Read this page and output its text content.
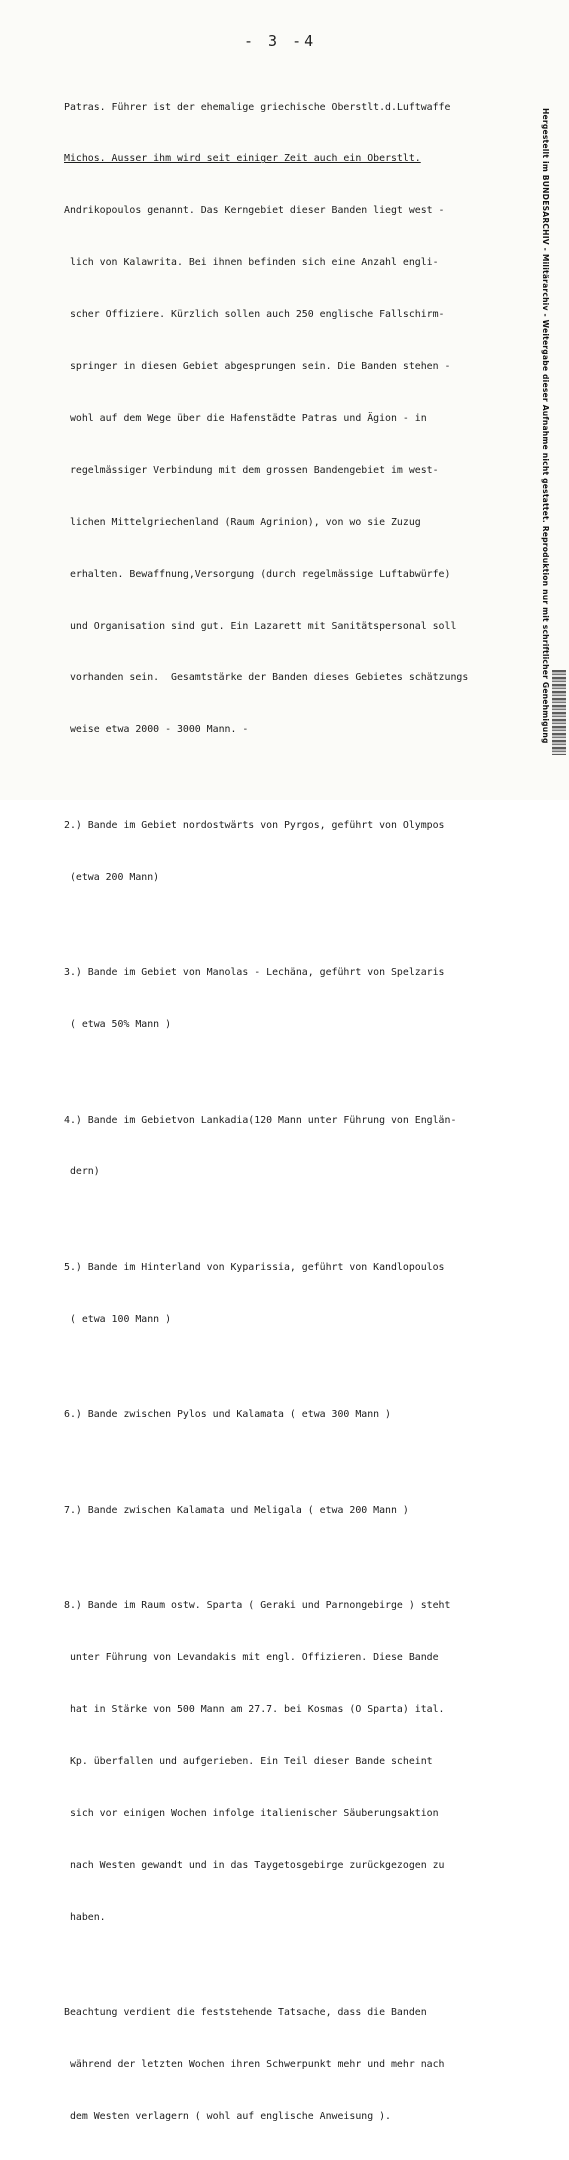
- 3 -4

Patras. Führer ist der ehemalige griechische Oberstlt.d.Luftwaffe

Michos. Ausser ihm wird seit einiger Zeit auch ein Oberstlt.

Andrikopoulos genannt. Das Kerngebiet dieser Banden liegt west -

lich von Kalawrita. Bei ihnen befinden sich eine Anzahl engli-

scher Offiziere. Kürzlich sollen auch 250 englische Fallschirm-

springer in diesen Gebiet abgesprungen sein. Die Banden stehen -

wohl auf dem Wege über die Hafenstädte Patras und Ägion - in

regelmässiger Verbindung mit dem grossen Bandengebiet im west-

lichen Mittelgriechenland (Raum Agrinion), von wo sie Zuzug

erhalten. Bewaffnung,Versorgung (durch regelmässige Luftabwürfe)

und Organisation sind gut. Ein Lazarett mit Sanitätspersonal soll

vorhanden sein.  Gesamtstärke der Banden dieses Gebietes schätzungs

weise etwa 2000 - 3000 Mann. -

2.) Bande im Gebiet nordostwärts von Pyrgos, geführt von Olympos

(etwa 200 Mann)

3.) Bande im Gebiet von Manolas - Lechäna, geführt von Spelzaris

( etwa 50% Mann )

4.) Bande im Gebietvon Lankadia(120 Mann unter Führung von Englän-

dern)

5.) Bande im Hinterland von Kyparissia, geführt von Kandlopoulos

( etwa 100 Mann )

6.) Bande zwischen Pylos und Kalamata ( etwa 300 Mann )

7.) Bande zwischen Kalamata und Meligala ( etwa 200 Mann )

8.) Bande im Raum ostw. Sparta ( Geraki und Parnongebirge ) steht

unter Führung von Levandakis mit engl. Offizieren. Diese Bande

hat in Stärke von 500 Mann am 27.7. bei Kosmas (O Sparta) ital.

Kp. überfallen und aufgerieben. Ein Teil dieser Bande scheint

sich vor einigen Wochen infolge italienischer Säuberungsaktion

nach Westen gewandt und in das Taygetosgebirge zurückgezogen zu

haben.

Beachtung verdient die feststehende Tatsache, dass die Banden

während der letzten Wochen ihren Schwerpunkt mehr und mehr nach

dem Westen verlagern ( wohl auf englische Anweisung ).

Hergestellt im BUNDESARCHIV - Militärarchiv - Weitergabe dieser Aufnahme nicht gestattet. Reproduktion nur mit schriftlicher Genehmigung
